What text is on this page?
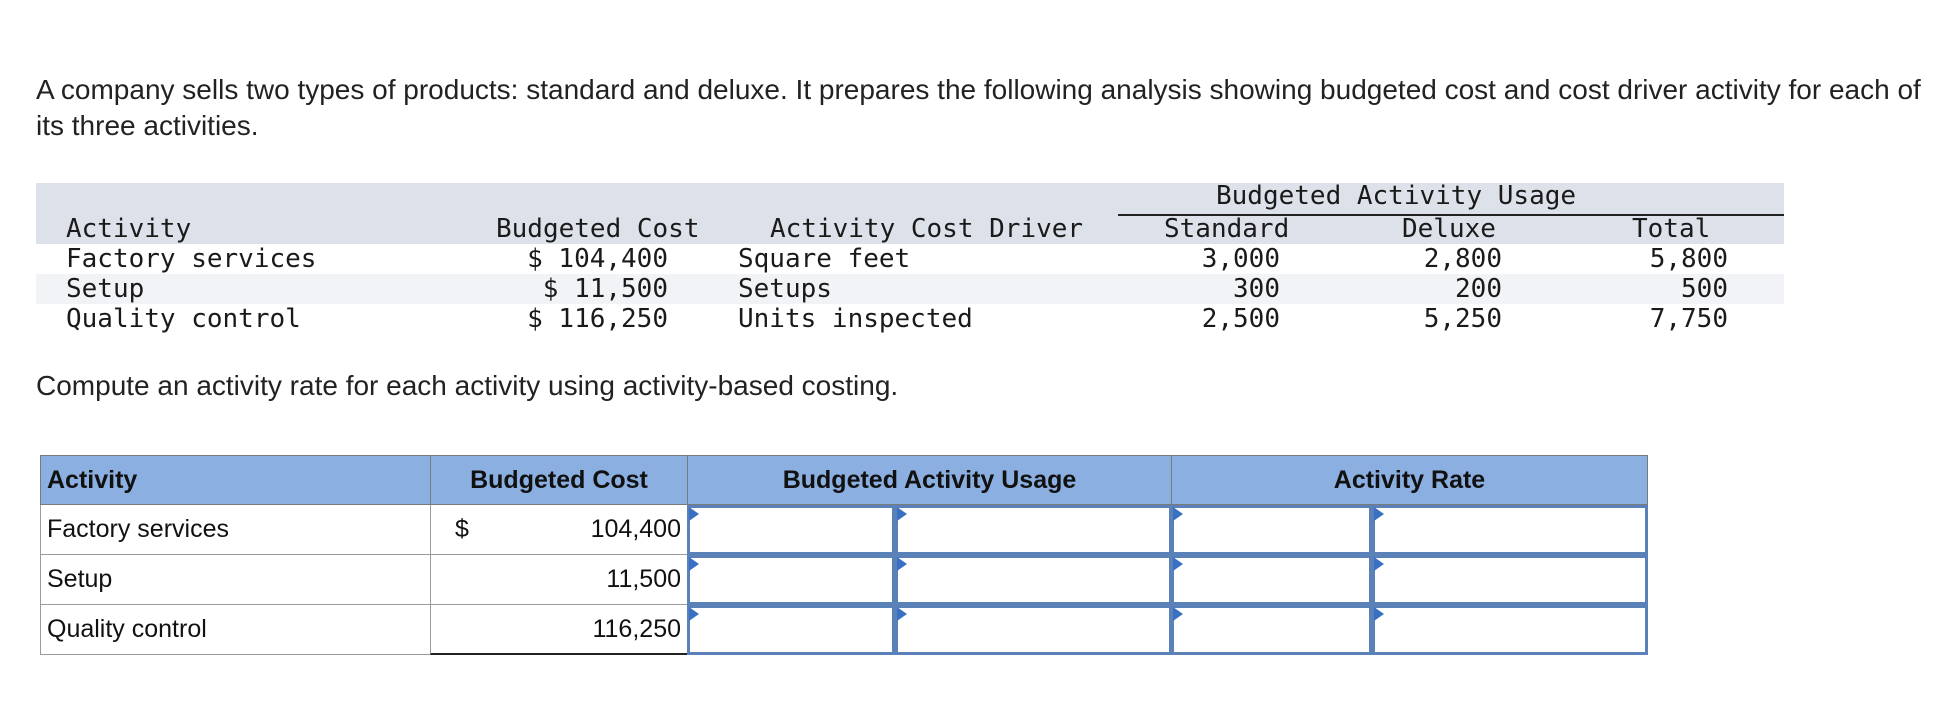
A company sells two types of products: standard and deluxe. It prepares the following analysis showing budgeted cost and cost driver activity for each of its three activities.
Budgeted Activity Usage
Activity	Budgeted Cost	Activity Cost Driver	Standard	Deluxe	Total
Factory services	$ 104,400	Square feet	3,000	2,800	5,800
Setup	$ 11,500	Setups	300	200	500
Quality control	$ 116,250	Units inspected	2,500	5,250	7,750
Compute an activity rate for each activity using activity-based costing.
Activity	Budgeted Cost	Budgeted Activity Usage	Activity Rate
Factory services	$	104,400
Setup	11,500
Quality control	116,250
